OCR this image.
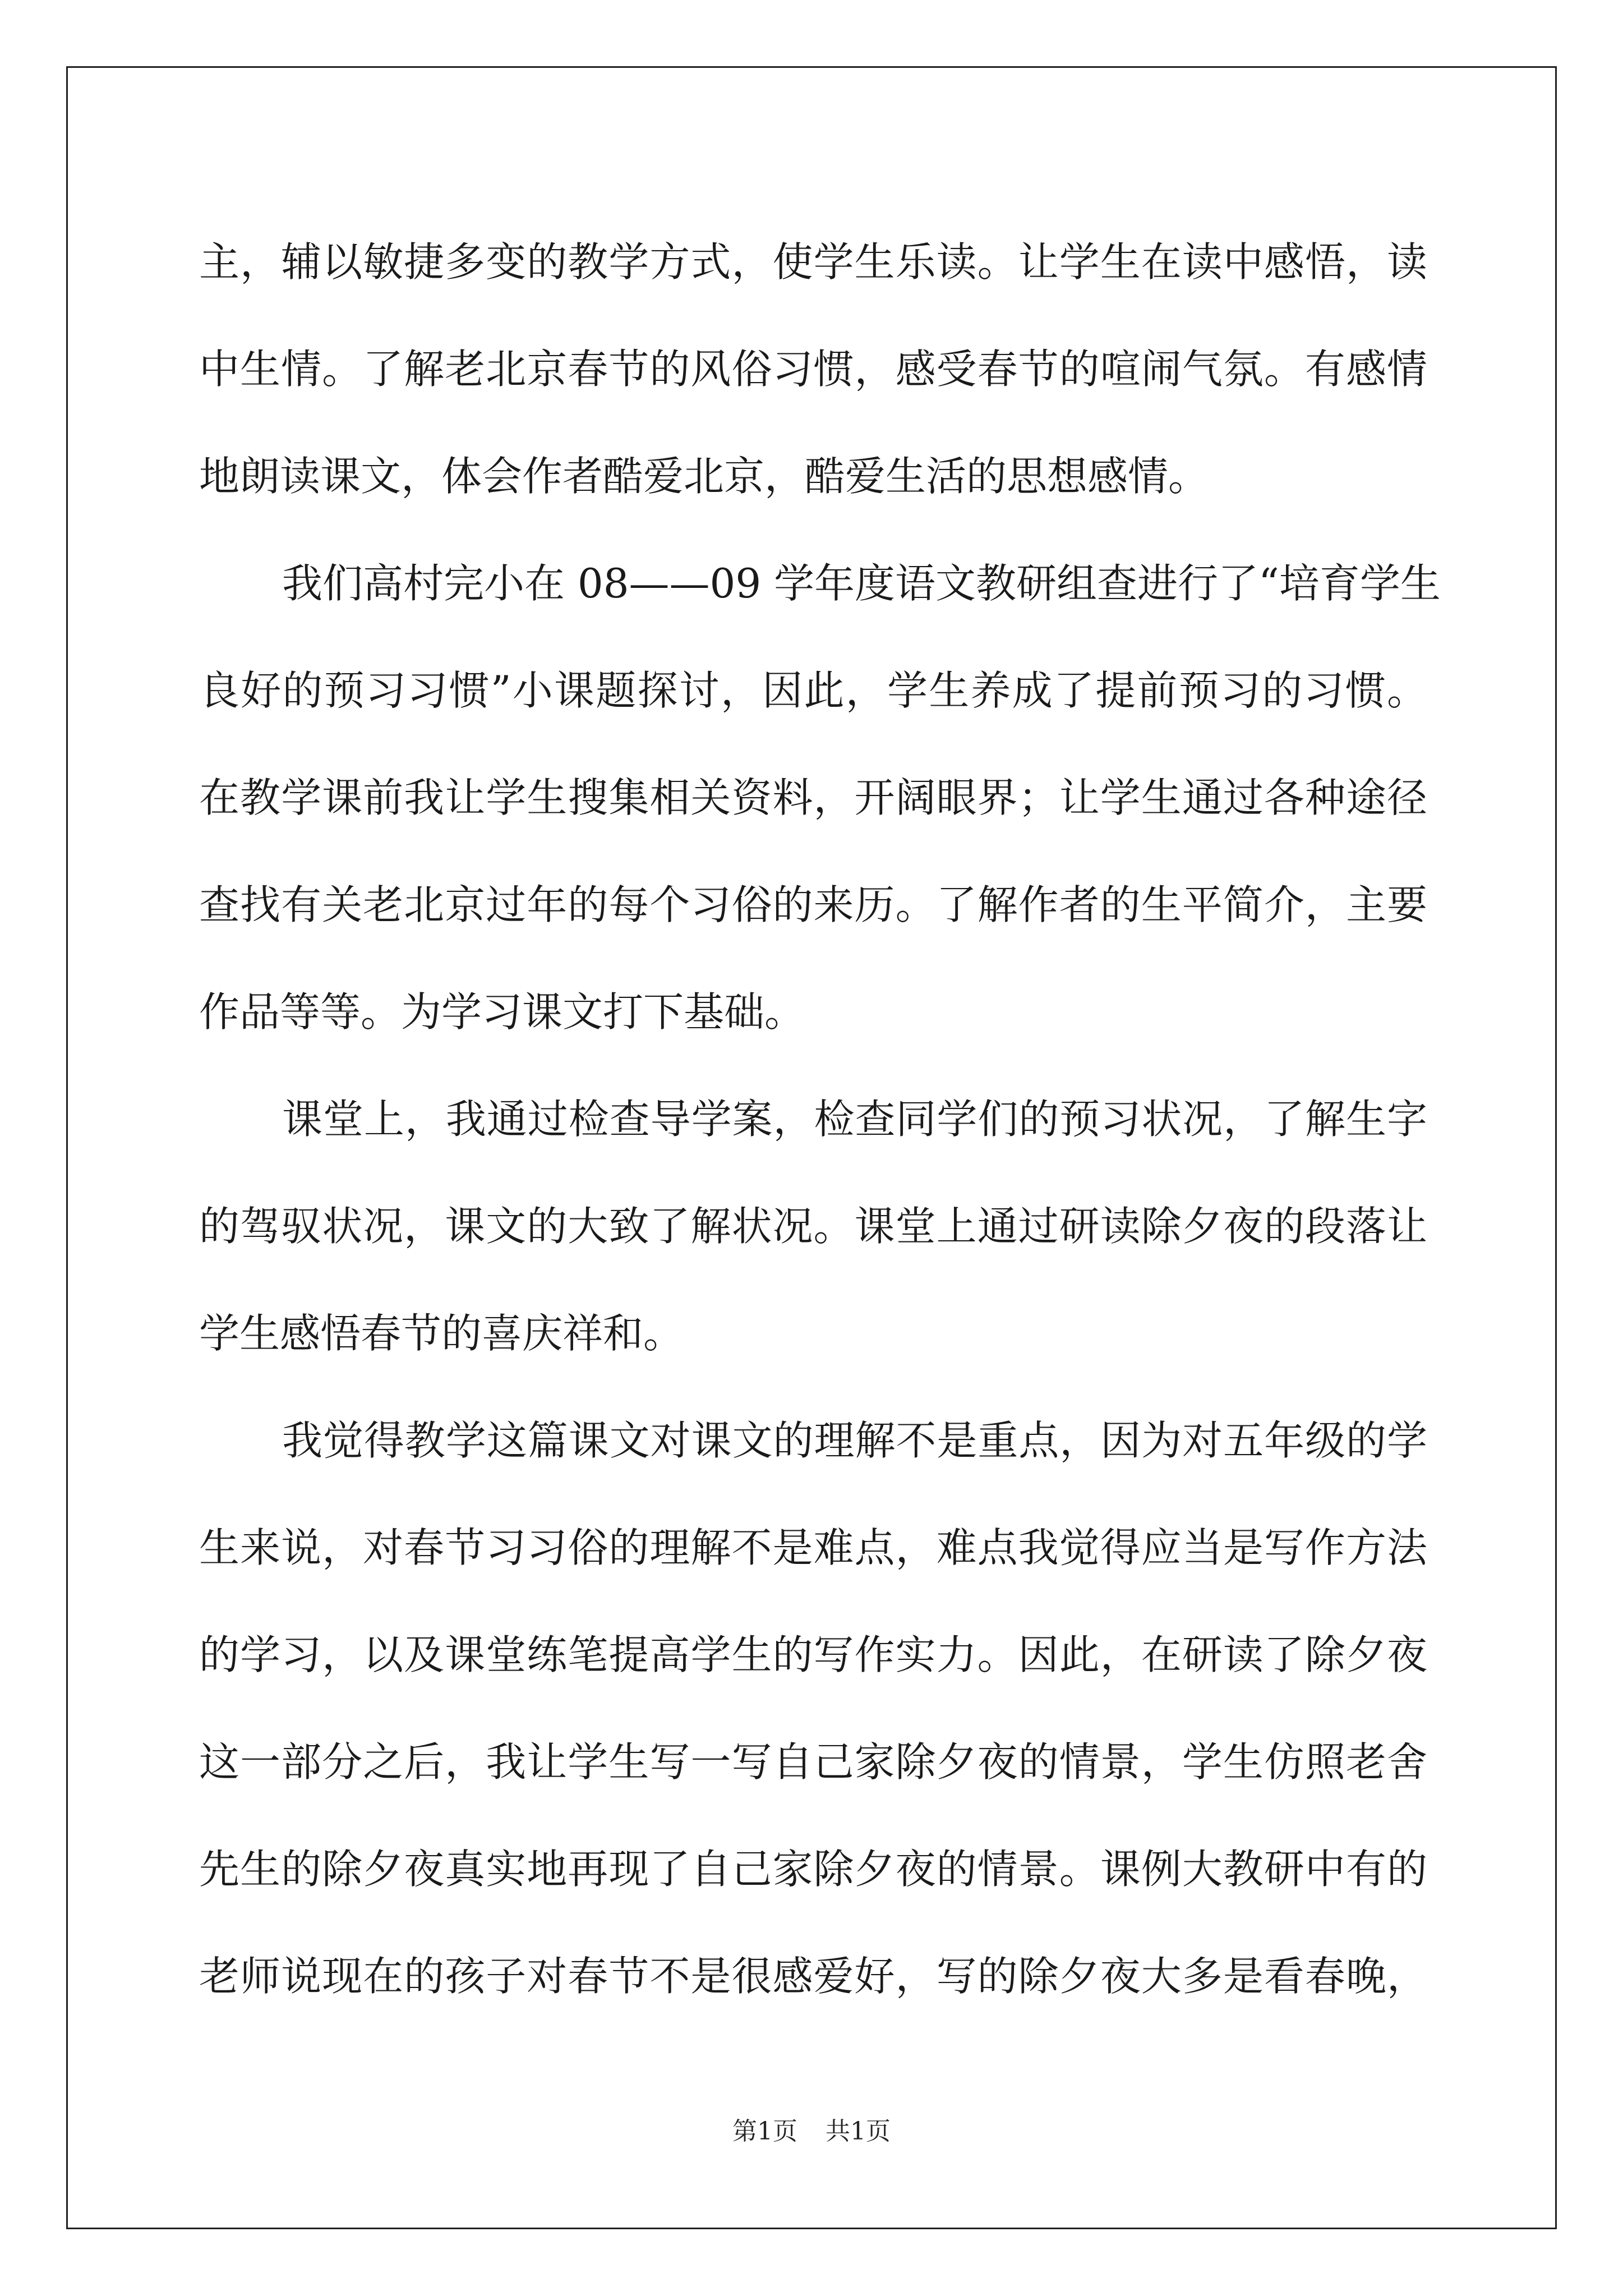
主，辅以敏捷多变的教学方式，使学生乐读。让学生在读中感悟，读
中生情。了解老北京春节的风俗习惯，感受春节的喧闹气氛。有感情
地朗读课文，体会作者酷爱北京，酷爱生活的思想感情。
我们高村完小在 08——09 学年度语文教研组查进行了“培育学生
良好的预习习惯”小课题探讨，因此，学生养成了提前预习的习惯。
在教学课前我让学生搜集相关资料，开阔眼界；让学生通过各种途径
查找有关老北京过年的每个习俗的来历。了解作者的生平简介，主要
作品等等。为学习课文打下基础。
课堂上，我通过检查导学案，检查同学们的预习状况，了解生字
的驾驭状况，课文的大致了解状况。课堂上通过研读除夕夜的段落让
学生感悟春节的喜庆祥和。
我觉得教学这篇课文对课文的理解不是重点，因为对五年级的学
生来说，对春节习习俗的理解不是难点，难点我觉得应当是写作方法
的学习，以及课堂练笔提高学生的写作实力。因此，在研读了除夕夜
这一部分之后，我让学生写一写自己家除夕夜的情景，学生仿照老舍
先生的除夕夜真实地再现了自己家除夕夜的情景。课例大教研中有的
老师说现在的孩子对春节不是很感爱好，写的除夕夜大多是看春晚，
第1页 共1页
